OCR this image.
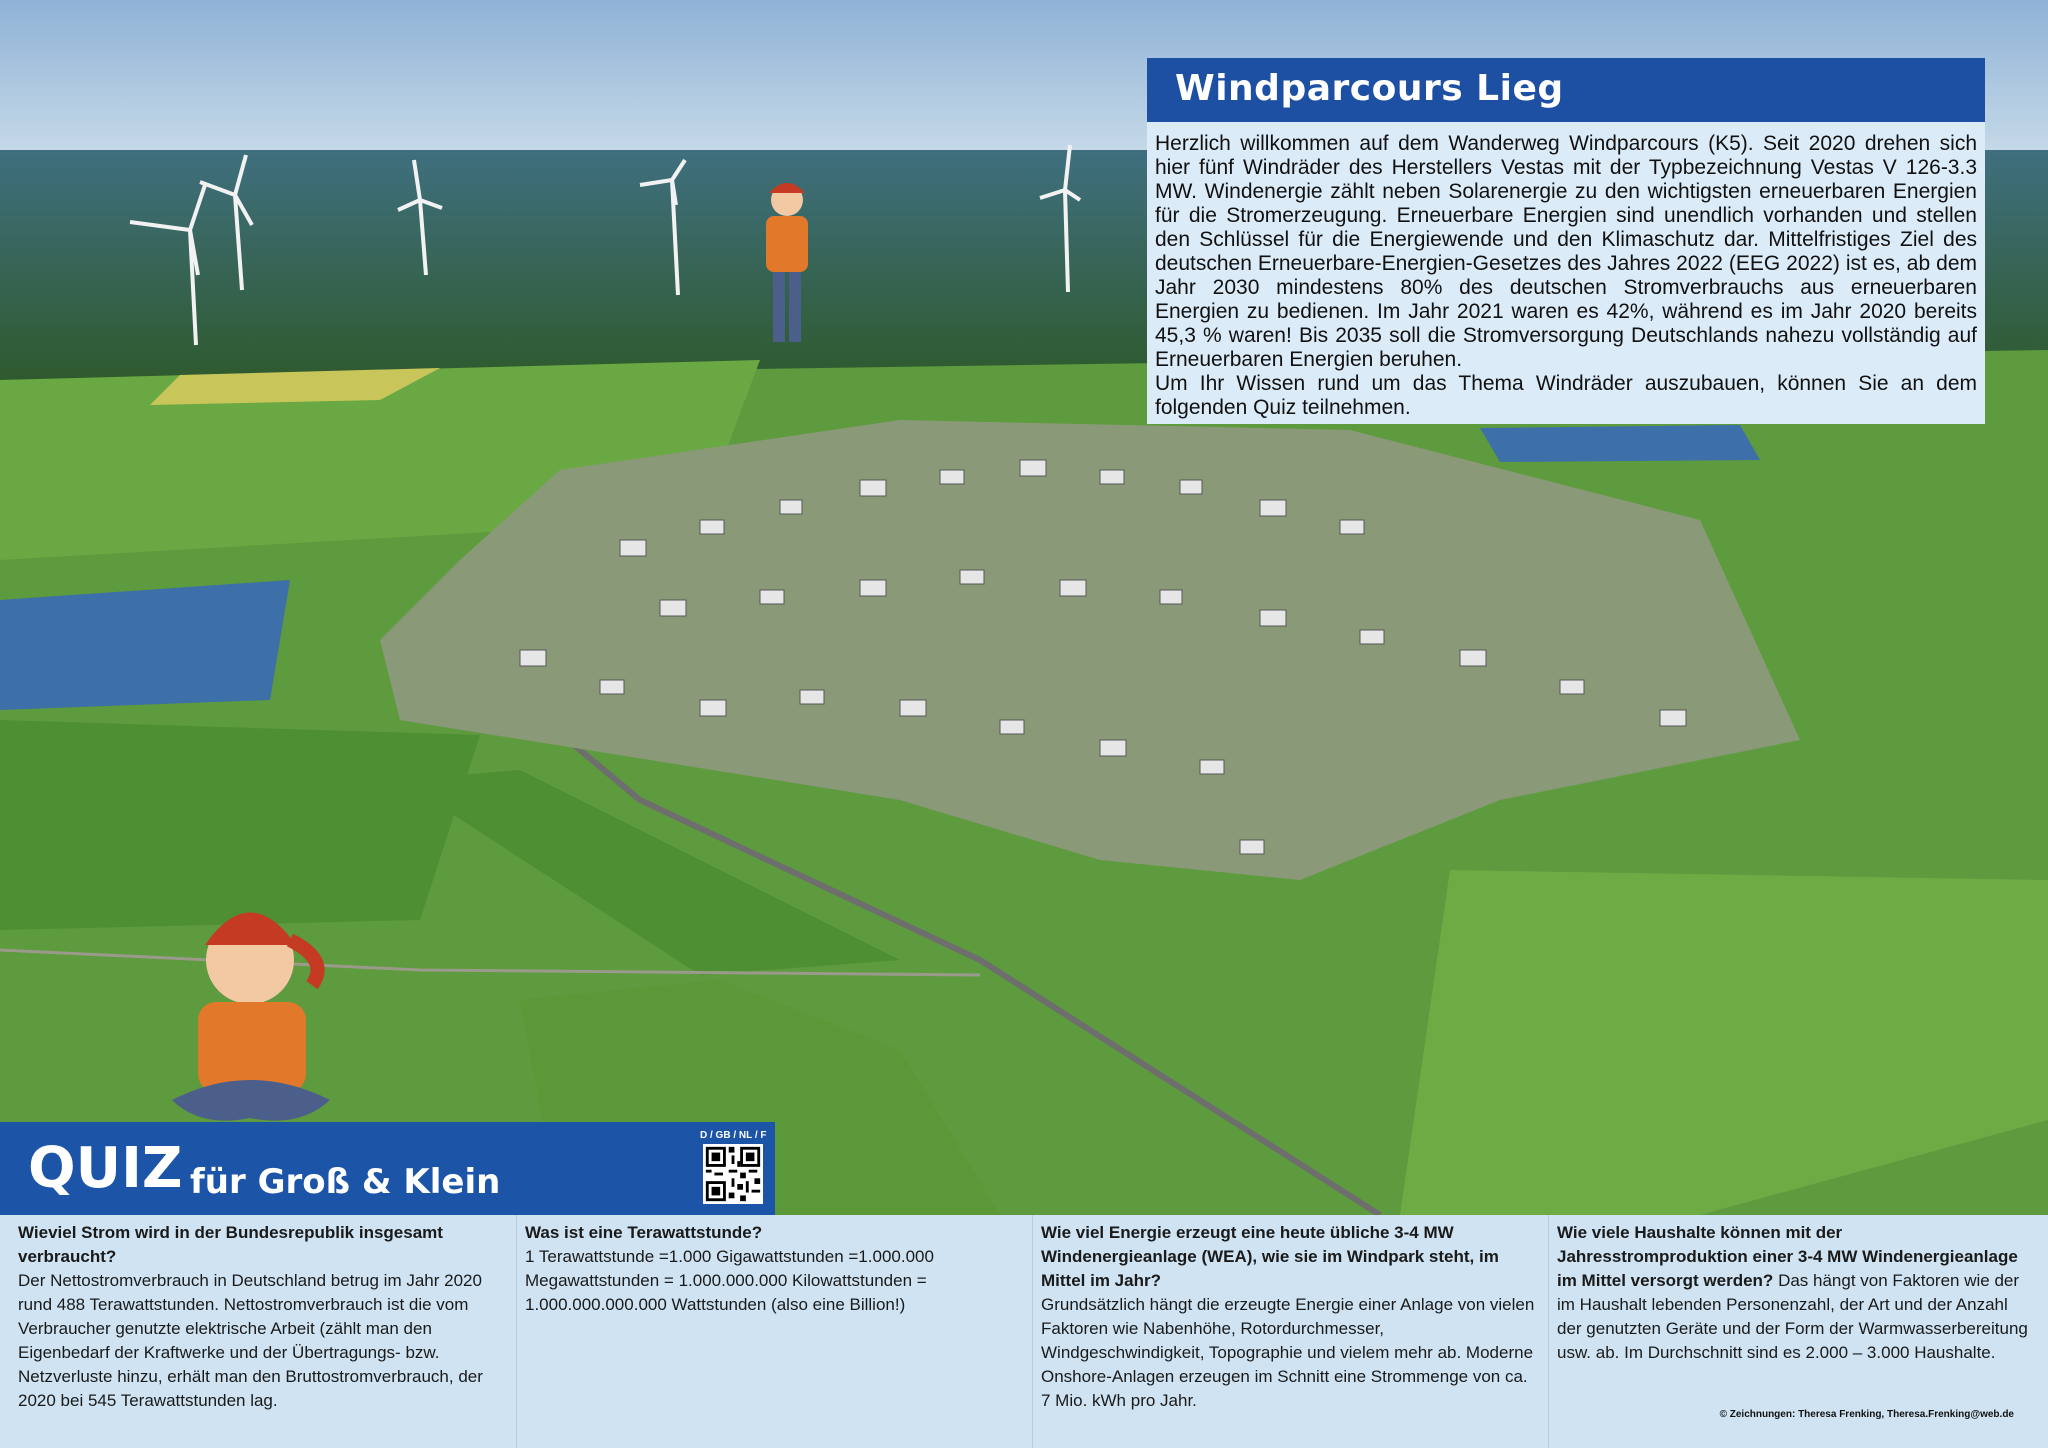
Windparcours Lieg

Herzlich willkommen auf dem Wanderweg Windparcours (K5). Seit 2020 drehen sich hier fünf Windräder des Herstellers Vestas mit der Typbezeichnung Vestas V 126-3.3 MW. Windenergie zählt neben Solarenergie zu den wichtigsten erneuerbaren Energien für die Stromerzeugung. Erneuerbare Energien sind unendlich vorhanden und stellen den Schlüssel für die Energiewende und den Klimaschutz dar. Mittelfristiges Ziel des deutschen Erneuerbare-Energien-Gesetzes des Jahres 2022 (EEG 2022) ist es, ab dem Jahr 2030 mindestens 80% des deutschen Stromverbrauchs aus erneuerbaren Energien zu bedienen. Im Jahr 2021 waren es 42%, während es im Jahr 2020 bereits 45,3 % waren! Bis 2035 soll die Stromversorgung Deutschlands nahezu vollständig auf Erneuerbaren Energien beruhen.

Um Ihr Wissen rund um das Thema Windräder auszubauen, können Sie an dem folgenden Quiz teilnehmen.

QUIZ für Groß & Klein
D / GB / NL / F

Wieviel Strom wird in der Bundesrepublik insgesamt verbraucht?

Der Nettostromverbrauch in Deutschland betrug im Jahr 2020 rund 488 Terawattstunden. Nettostromverbrauch ist die vom Verbraucher genutzte elektrische Arbeit (zählt man den Eigenbedarf der Kraftwerke und der Übertragungs- bzw. Netzverluste hinzu, erhält man den Bruttostromverbrauch, der 2020 bei 545 Terawattstunden lag.

Was ist eine Terawattstunde?

1 Terawattstunde =1.000 Gigawattstunden =1.000.000 Megawattstunden = 1.000.000.000 Kilowattstunden = 1.000.000.000.000 Wattstunden (also eine Billion!)

Wie viel Energie erzeugt eine heute übliche 3-4 MW Windenergieanlage (WEA), wie sie im Windpark steht, im Mittel im Jahr?

Grundsätzlich hängt die erzeugte Energie einer Anlage von vielen Faktoren wie Nabenhöhe, Rotordurchmesser, Windgeschwindigkeit, Topographie und vielem mehr ab. Moderne Onshore-Anlagen erzeugen im Schnitt eine Strommenge von ca. 7 Mio. kWh pro Jahr.

Wie viele Haushalte können mit der Jahresstromproduktion einer 3-4 MW Windenergieanlage im Mittel versorgt werden? Das hängt von Faktoren wie der im Haushalt lebenden Personenzahl, der Art und der Anzahl der genutzten Geräte und der Form der Warmwasserbereitung usw. ab. Im Durchschnitt sind es 2.000 – 3.000 Haushalte.

© Zeichnungen: Theresa Frenking, Theresa.Frenking@web.de
